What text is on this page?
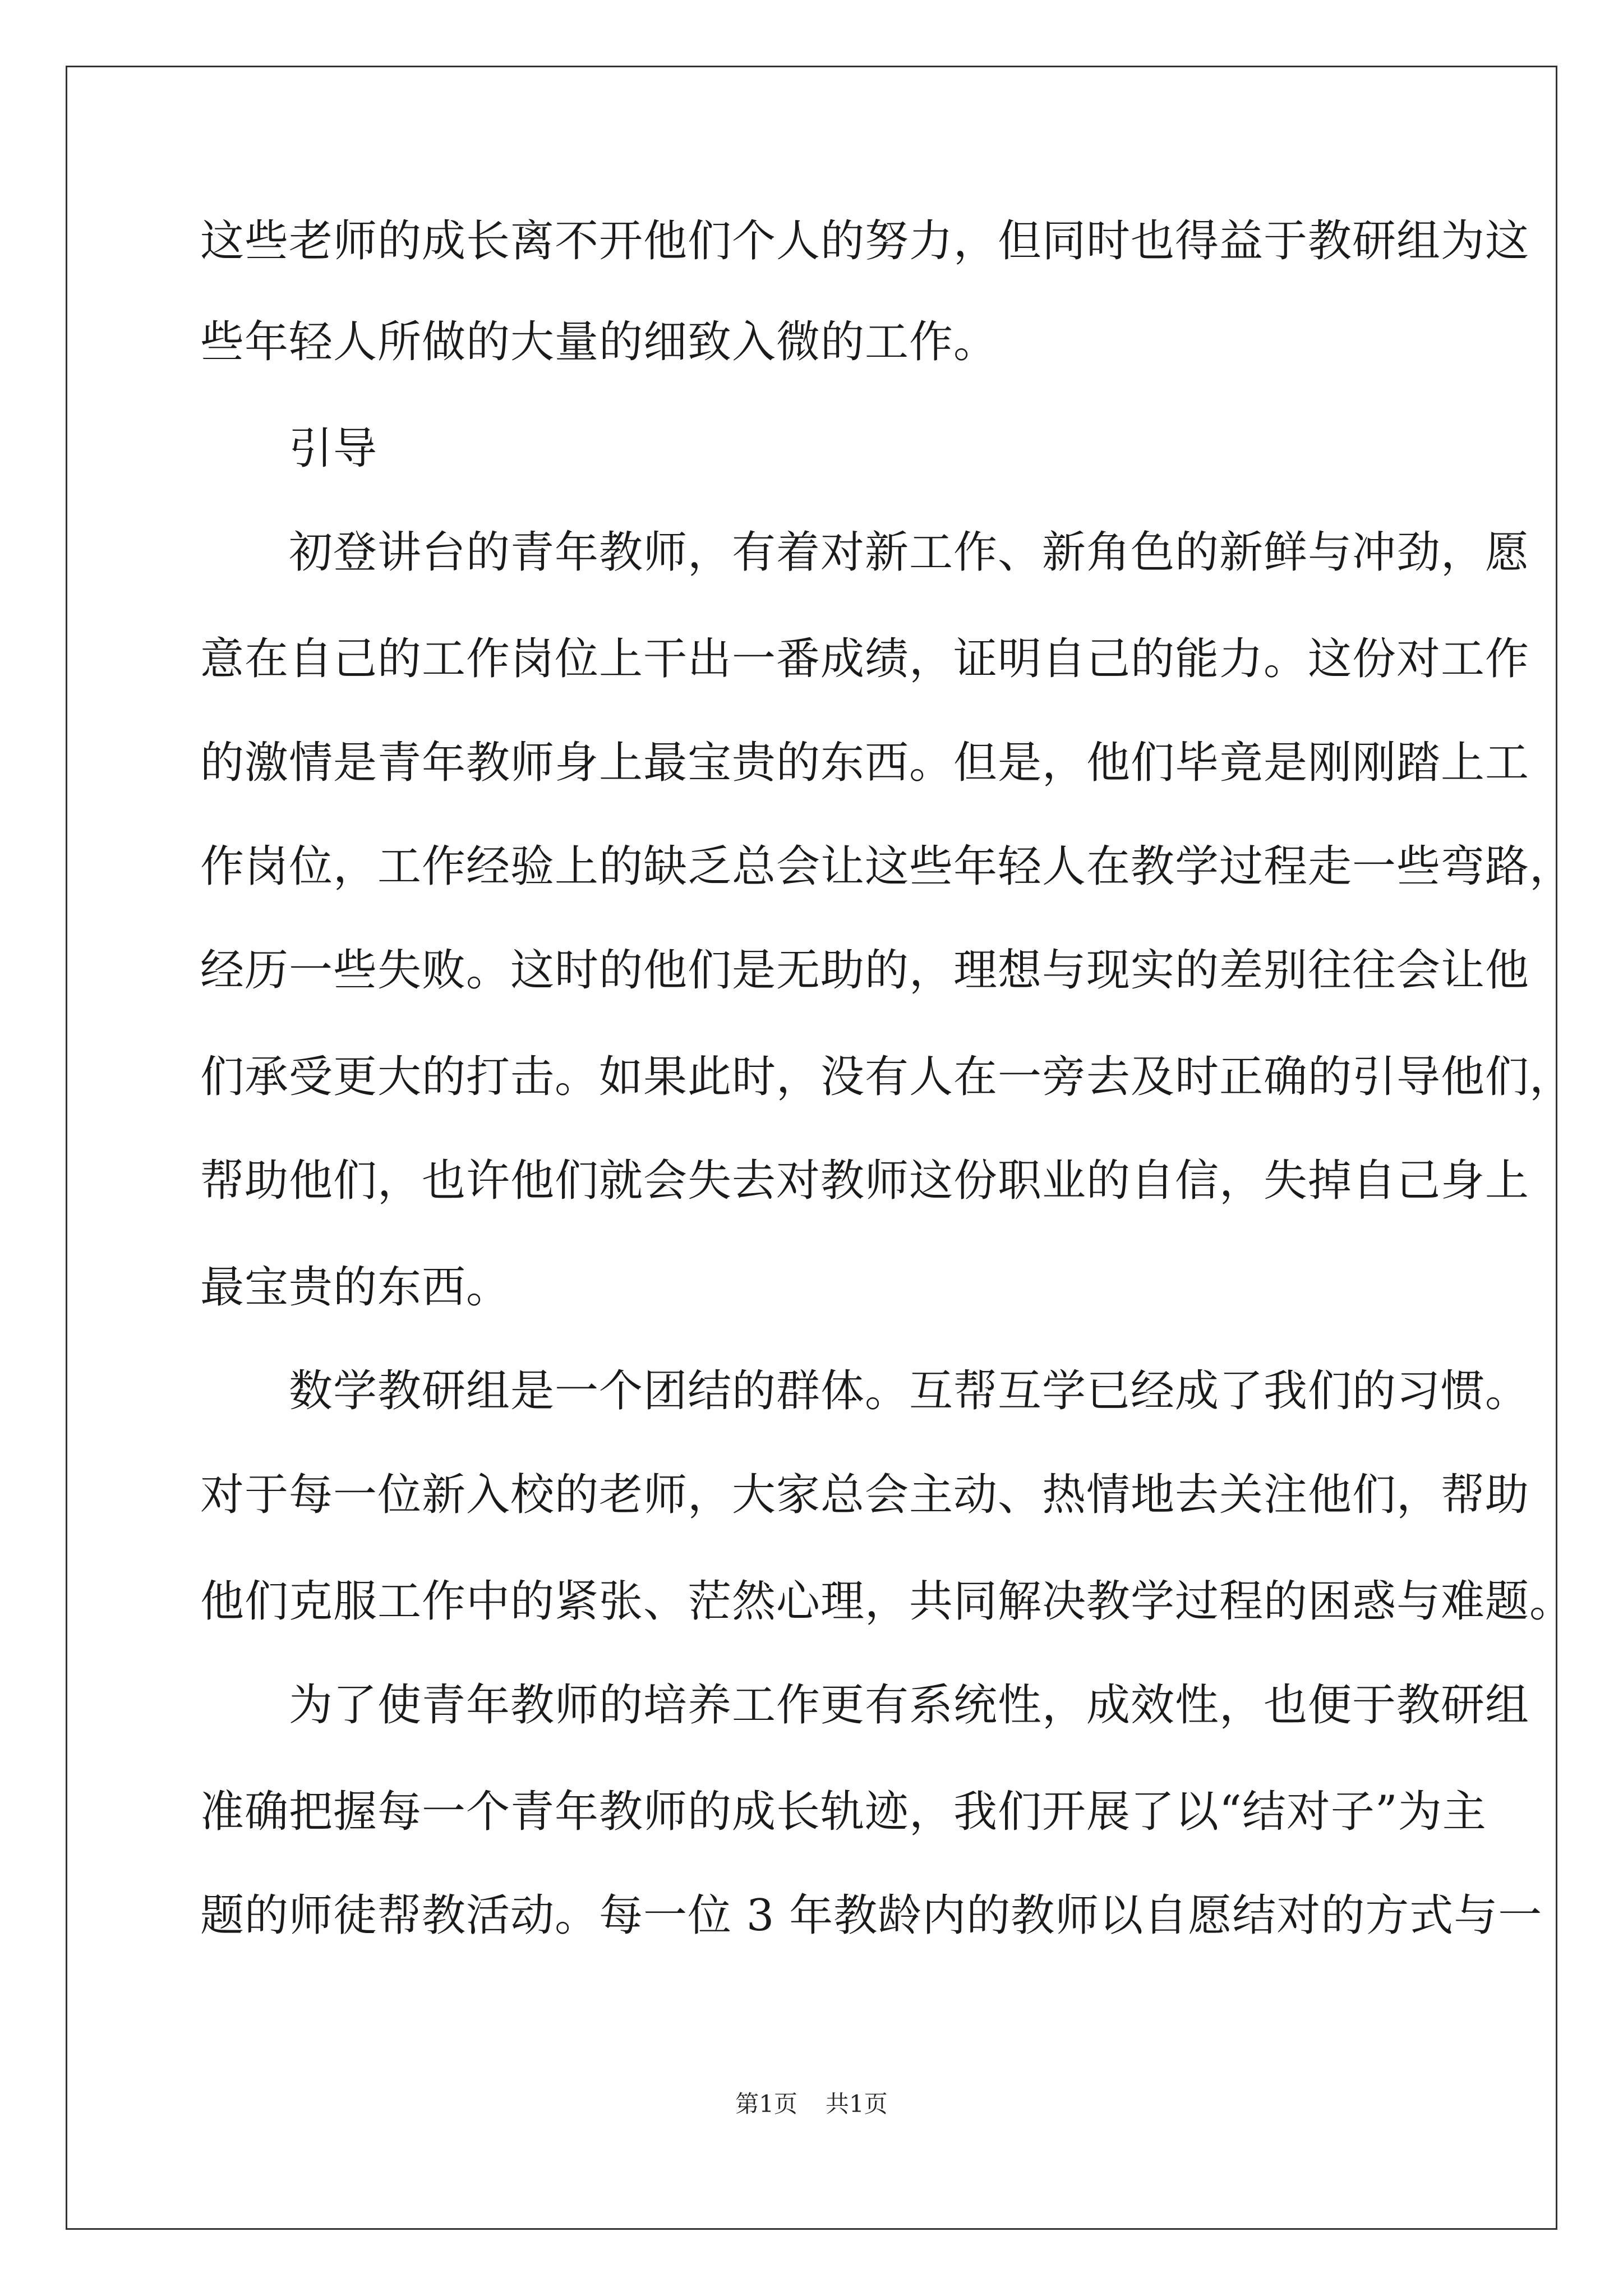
这些老师的成长离不开他们个人的努力，但同时也得益于教研组为这
些年轻人所做的大量的细致入微的工作。
　　引导
　　初登讲台的青年教师，有着对新工作、新角色的新鲜与冲劲，愿
意在自己的工作岗位上干出一番成绩，证明自己的能力。这份对工作
的激情是青年教师身上最宝贵的东西。但是，他们毕竟是刚刚踏上工
作岗位，工作经验上的缺乏总会让这些年轻人在教学过程走一些弯路，
经历一些失败。这时的他们是无助的，理想与现实的差别往往会让他
们承受更大的打击。如果此时，没有人在一旁去及时正确的引导他们，
帮助他们，也许他们就会失去对教师这份职业的自信，失掉自己身上
最宝贵的东西。
　　数学教研组是一个团结的群体。互帮互学已经成了我们的习惯。
对于每一位新入校的老师，大家总会主动、热情地去关注他们，帮助
他们克服工作中的紧张、茫然心理，共同解决教学过程的困惑与难题。
　　为了使青年教师的培养工作更有系统性，成效性，也便于教研组
准确把握每一个青年教师的成长轨迹，我们开展了以“结对子”为主
题的师徒帮教活动。每一位 3 年教龄内的教师以自愿结对的方式与一
第1页 共1页
